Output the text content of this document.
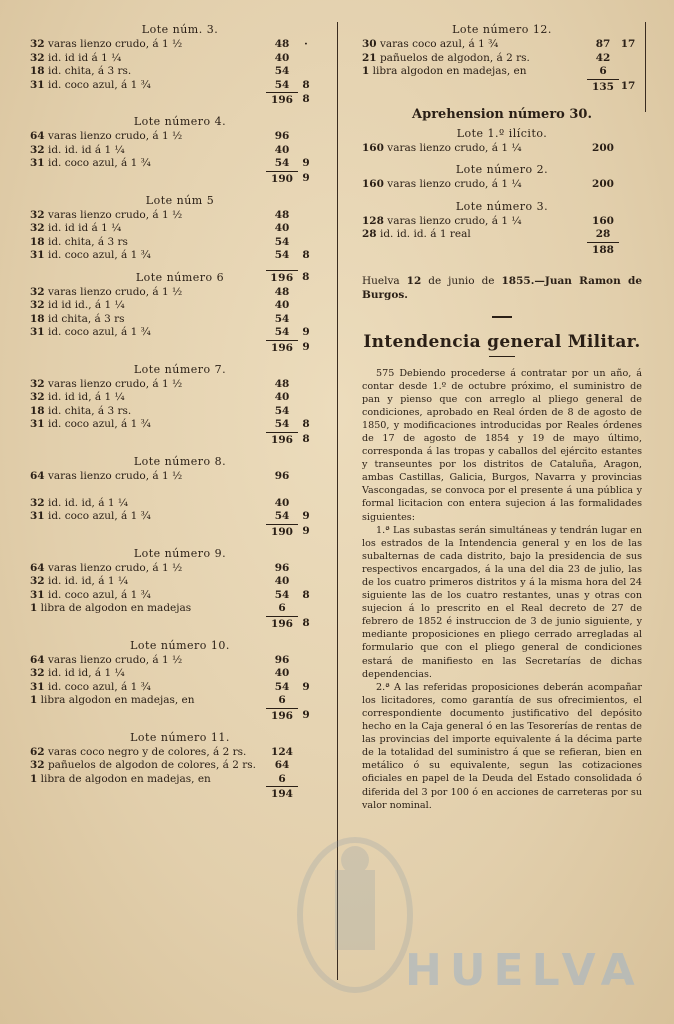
Lote núm. 3.
32 varas lienzo crudo, á 1 ½	48	·
32 id. id id á 1 ¼	40
18 id. chita, á 3 rs.	54
31 id. coco azul, á 1 ¾	54	8
196 8
Lote número 4.
64 varas lienzo crudo, á 1 ½	96
32 id. id. id á 1 ¼	40
31 id. coco azul, á 1 ¾	54	9
190 9
Lote núm 5
32 varas lienzo crudo, á 1 ½	48
32 id. id id á 1 ¼	40
18 id. chita, á 3 rs	54
31 id. coco azul, á 1 ¾	54	8
Lote número 6	196 8
32 varas lienzo crudo, á 1 ½	48
32 id id id., á 1 ¼	40
18 id chita, á 3 rs	54
31 id. coco azul, á 1 ¾	54	9
196 9
Lote número 7.
32 varas lienzo crudo, á 1 ½	48
32 id. id id, á 1 ¼	40
18 id. chita, á 3 rs.	54
31 id. coco azul, á 1 ¾	54	8
196 8
Lote número 8.
64 varas lienzo crudo, á 1 ½	96
32 id. id. id, á 1 ¼	40
31 id. coco azul, á 1 ¾	54	9
190 9
Lote número 9.
64 varas lienzo crudo, á 1 ½	96
32 id. id. id, á 1 ¼	40
31 id. coco azul, á 1 ¾	54	8
1 libra de algodon en madejas	6
196 8
Lote número 10.
64 varas lienzo crudo, á 1 ½	96
32 id. id id, á 1 ¼	40
31 id. coco azul, á 1 ¾	54	9
1 libra algodon en madejas, en	6
196 9
Lote número 11.
62 varas coco negro y de colores, á 2 rs.	124
32 pañuelos de algodon de colores, á 2 rs.	64
1 libra de algodon en madejas, en	6
194
Lote número 12.
30 varas coco azul, á 1 ¾	87 17
21 pañuelos de algodon, á 2 rs.	42
1 libra algodon en madejas, en	6
135 17
Aprehension número 30.
Lote 1.º ilícito.
160 varas lienzo crudo, á 1 ¼	200
Lote número 2.
160 varas lienzo crudo, á 1 ¼	200
Lote número 3.
128 varas lienzo crudo, á 1 ¼	160
28 id. id. id. á 1 real	28
188
Huelva 12 de junio de 1855.—Juan Ramon de Burgos.
Intendencia general Militar.

575 Debiendo procederse á contratar por un año, á contar desde 1.º de octubre próximo, el suministro de pan y pienso que con arreglo al pliego general de condiciones, aprobado en Real órden de 8 de agosto de 1850, y modificaciones introducidas por Reales órdenes de 17 de agosto de 1854 y 19 de mayo último, corresponda á las tropas y caballos del ejército estantes y transeuntes por los distritos de Cataluña, Aragon, ambas Castillas, Galicia, Burgos, Navarra y provincias Vascongadas, se convoca por el presente á una pública y formal licitacion con entera sujecion á las formalidades siguientes:

1.ª Las subastas serán simultáneas y tendrán lugar en los estrados de la Intendencia general y en los de las subalternas de cada distrito, bajo la presidencia de sus respectivos encargados, á la una del dia 23 de julio, las de los cuatro primeros distritos y á la misma hora del 24 siguiente las de los cuatro restantes, unas y otras con sujecion á lo prescrito en el Real decreto de 27 de febrero de 1852 é instruccion de 3 de junio siguiente, y mediante proposiciones en pliego cerrado arregladas al formulario que con el pliego general de condiciones estará de manifiesto en las Secretarías de dichas dependencias.

2.ª A las referidas proposiciones deberán acompañar los licitadores, como garantía de sus ofrecimientos, el correspondiente documento justificativo del depósito hecho en la Caja general ó en las Tesorerías de rentas de las provincias del importe equivalente á la décima parte de la totalidad del suministro á que se refieran, bien en metálico ó su equivalente, segun las cotizaciones oficiales en papel de la Deuda del Estado consolidada ó diferida del 3 por 100 ó en acciones de carreteras por su valor nominal.

HUELVA
